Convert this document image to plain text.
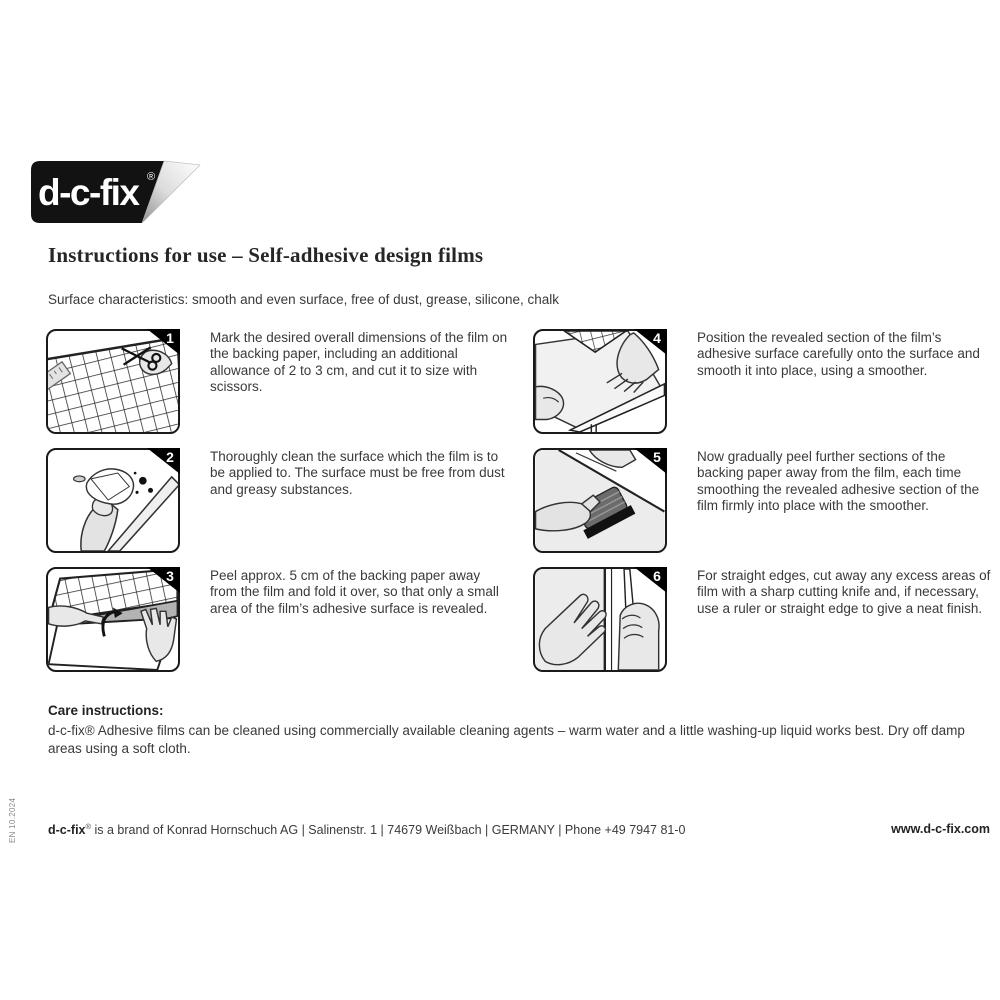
d-c-fix ®
Instructions for use – Self-adhesive design films

Surface characteristics: smooth and even surface, free of dust, grease, silicone, chalk

1	Mark the desired overall dimensions of the film on the backing paper, including an additional allowance of 2 to 3 cm, and cut it to size with scissors.

2	Thoroughly clean the surface which the film is to be applied to. The surface must be free from dust and greasy substances.

3	Peel approx. 5 cm of the backing paper away from the film and fold it over, so that only a small area of the film’s adhesive surface is revealed.

4	Position the revealed section of the film’s adhesive surface carefully onto the surface and smooth it into place, using a smoother.

5	Now gradually peel further sections of the backing paper away from the film, each time smoothing the revealed adhesive section of the film firmly into place with the smoother.

6	For straight edges, cut away any excess areas of film with a sharp cutting knife and, if necessary, use a ruler or straight edge to give a neat finish.

Care instructions:

d-c-fix® Adhesive films can be cleaned using commercially available cleaning agents – warm water and a little washing-up liquid works best. Dry off damp areas using a soft cloth.

d-c-fix® is a brand of Konrad Hornschuch AG | Salinenstr. 1 | 74679 Weißbach | GERMANY | Phone +49 7947 81-0	www.d-c-fix.com

EN 10.2024
